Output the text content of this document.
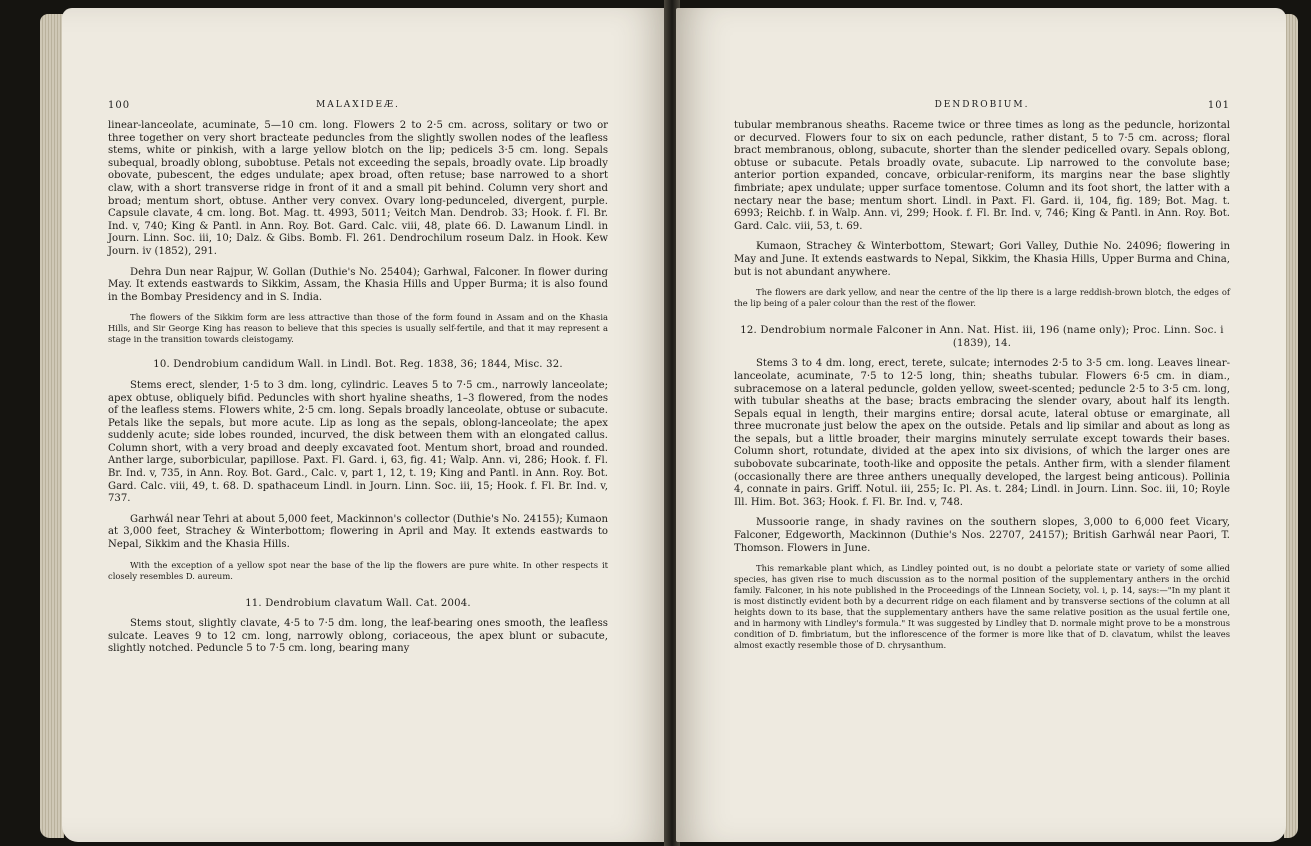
100	MALAXIDEÆ.

linear-lanceolate, acuminate, 5—10 cm. long. Flowers 2 to 2·5 cm. across, solitary or two or three together on very short bracteate peduncles from the slightly swollen nodes of the leafless stems, white or pinkish, with a large yellow blotch on the lip; pedicels 3·5 cm. long. Sepals subequal, broadly oblong, subobtuse. Petals not exceeding the sepals, broadly ovate. Lip broadly obovate, pubescent, the edges undulate; apex broad, often retuse; base narrowed to a short claw, with a short transverse ridge in front of it and a small pit behind. Column very short and broad; mentum short, obtuse. Anther very convex. Ovary long-pedunceled, divergent, purple. Capsule clavate, 4 cm. long. Bot. Mag. tt. 4993, 5011; Veitch Man. Dendrob. 33; Hook. f. Fl. Br. Ind. v, 740; King & Pantl. in Ann. Roy. Bot. Gard. Calc. viii, 48, plate 66. D. Lawanum Lindl. in Journ. Linn. Soc. iii, 10; Dalz. & Gibs. Bomb. Fl. 261. Dendrochilum roseum Dalz. in Hook. Kew Journ. iv (1852), 291.

Dehra Dun near Rajpur, W. Gollan (Duthie's No. 25404); Garhwal, Falconer. In flower during May. It extends eastwards to Sikkim, Assam, the Khasia Hills and Upper Burma; it is also found in the Bombay Presidency and in S. India.

The flowers of the Sikkim form are less attractive than those of the form found in Assam and on the Khasia Hills, and Sir George King has reason to believe that this species is usually self-fertile, and that it may represent a stage in the transition towards cleistogamy.

10. Dendrobium candidum Wall. in Lindl. Bot. Reg. 1838, 36; 1844, Misc. 32.

Stems erect, slender, 1·5 to 3 dm. long, cylindric. Leaves 5 to 7·5 cm., narrowly lanceolate; apex obtuse, obliquely bifid. Peduncles with short hyaline sheaths, 1–3 flowered, from the nodes of the leafless stems. Flowers white, 2·5 cm. long. Sepals broadly lanceolate, obtuse or subacute. Petals like the sepals, but more acute. Lip as long as the sepals, oblong-lanceolate; the apex suddenly acute; side lobes rounded, incurved, the disk between them with an elongated callus. Column short, with a very broad and deeply excavated foot. Mentum short, broad and rounded. Anther large, suborbicular, papillose. Paxt. Fl. Gard. i, 63, fig. 41; Walp. Ann. vi, 286; Hook. f. Fl. Br. Ind. v, 735, in Ann. Roy. Bot. Gard., Calc. v, part 1, 12, t. 19; King and Pantl. in Ann. Roy. Bot. Gard. Calc. viii, 49, t. 68. D. spathaceum Lindl. in Journ. Linn. Soc. iii, 15; Hook. f. Fl. Br. Ind. v, 737.

Garhwál near Tehri at about 5,000 feet, Mackinnon's collector (Duthie's No. 24155); Kumaon at 3,000 feet, Strachey & Winterbottom; flowering in April and May. It extends eastwards to Nepal, Sikkim and the Khasia Hills.

With the exception of a yellow spot near the base of the lip the flowers are pure white. In other respects it closely resembles D. aureum.

11. Dendrobium clavatum Wall. Cat. 2004.

Stems stout, slightly clavate, 4·5 to 7·5 dm. long, the leaf-bearing ones smooth, the leafless sulcate. Leaves 9 to 12 cm. long, narrowly oblong, coriaceous, the apex blunt or subacute, slightly notched. Peduncle 5 to 7·5 cm. long, bearing many

DENDROBIUM.	101

tubular membranous sheaths. Raceme twice or three times as long as the peduncle, horizontal or decurved. Flowers four to six on each peduncle, rather distant, 5 to 7·5 cm. across; floral bract membranous, oblong, subacute, shorter than the slender pedicelled ovary. Sepals oblong, obtuse or subacute. Petals broadly ovate, subacute. Lip narrowed to the convolute base; anterior portion expanded, concave, orbicular-reniform, its margins near the base slightly fimbriate; apex undulate; upper surface tomentose. Column and its foot short, the latter with a nectary near the base; mentum short. Lindl. in Paxt. Fl. Gard. ii, 104, fig. 189; Bot. Mag. t. 6993; Reichb. f. in Walp. Ann. vi, 299; Hook. f. Fl. Br. Ind. v, 746; King & Pantl. in Ann. Roy. Bot. Gard. Calc. viii, 53, t. 69.

Kumaon, Strachey & Winterbottom, Stewart; Gori Valley, Duthie No. 24096; flowering in May and June. It extends eastwards to Nepal, Sikkim, the Khasia Hills, Upper Burma and China, but is not abundant anywhere.

The flowers are dark yellow, and near the centre of the lip there is a large reddish-brown blotch, the edges of the lip being of a paler colour than the rest of the flower.

12. Dendrobium normale Falconer in Ann. Nat. Hist. iii, 196 (name only); Proc. Linn. Soc. i (1839), 14.

Stems 3 to 4 dm. long, erect, terete, sulcate; internodes 2·5 to 3·5 cm. long. Leaves linear-lanceolate, acuminate, 7·5 to 12·5 long, thin; sheaths tubular. Flowers 6·5 cm. in diam., subracemose on a lateral peduncle, golden yellow, sweet-scented; peduncle 2·5 to 3·5 cm. long, with tubular sheaths at the base; bracts embracing the slender ovary, about half its length. Sepals equal in length, their margins entire; dorsal acute, lateral obtuse or emarginate, all three mucronate just below the apex on the outside. Petals and lip similar and about as long as the sepals, but a little broader, their margins minutely serrulate except towards their bases. Column short, rotundate, divided at the apex into six divisions, of which the larger ones are subobovate subcarinate, tooth-like and opposite the petals. Anther firm, with a slender filament (occasionally there are three anthers unequally developed, the largest being anticous). Pollinia 4, connate in pairs. Griff. Notul. iii, 255; Ic. Pl. As. t. 284; Lindl. in Journ. Linn. Soc. iii, 10; Royle Ill. Him. Bot. 363; Hook. f. Fl. Br. Ind. v, 748.

Mussoorie range, in shady ravines on the southern slopes, 3,000 to 6,000 feet Vicary, Falconer, Edgeworth, Mackinnon (Duthie's Nos. 22707, 24157); British Garhwál near Paori, T. Thomson. Flowers in June.

This remarkable plant which, as Lindley pointed out, is no doubt a peloriate state or variety of some allied species, has given rise to much discussion as to the normal position of the supplementary anthers in the orchid family. Falconer, in his note published in the Proceedings of the Linnean Society, vol. i, p. 14, says:—"In my plant it is most distinctly evident both by a decurrent ridge on each filament and by transverse sections of the column at all heights down to its base, that the supplementary anthers have the same relative position as the usual fertile one, and in harmony with Lindley's formula." It was suggested by Lindley that D. normale might prove to be a monstrous condition of D. fimbriatum, but the inflorescence of the former is more like that of D. clavatum, whilst the leaves almost exactly resemble those of D. chrysanthum.
